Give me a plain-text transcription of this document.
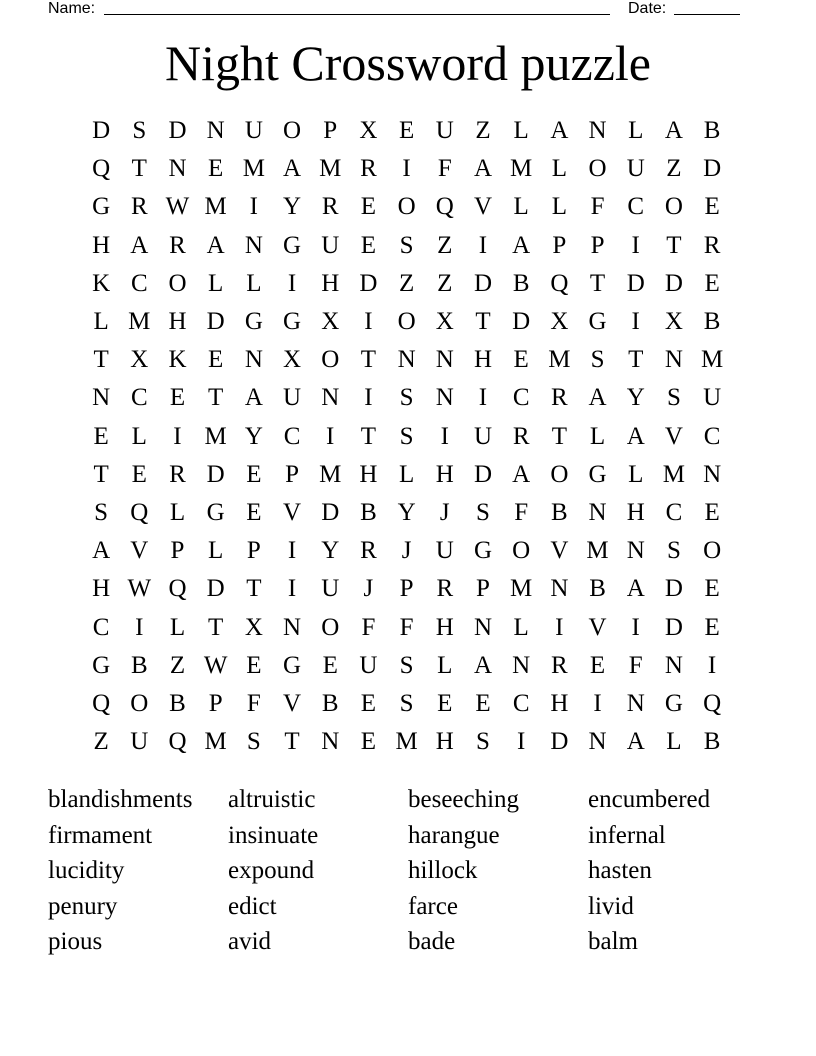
Name:	Date:
Night Crossword puzzle
D S D N U O P X E U Z L A N L A B
Q T N E M A M R	I	F A M L O U Z D
G R W M I	Y R E O Q V L L F C O E
H A R A N G U E S Z	I	A P P	I	T R
K C O L L	I	H D Z Z D B Q T D D E
L M H D G G X I	O X T D X G I	X B
T X K E N X O T N N H E M S T N M
N C E T A U N I	S N I	C R A Y S U
E L	I M Y C	I	T S	I	U R T L A V C
T E R D E P M H L H D A O G L M N
S Q L G E V D B Y J	S F B N H C E
A V P L P	I	Y R J U G O V M N S O
H W Q D T	I	U J	P R P M N B A D E
C	I	L T X N O F F H N L	I	V I	D E
G B Z W E G E U S L A N R E F N I
Q O B P F V B E S E E C H I	N G Q
Z U Q M S T N E M H S	I	D N A L B
blandishments	altruistic	beseeching	encumbered
firmament	insinuate	harangue	infernal
lucidity	expound	hillock	hasten
penury	edict	farce	livid
pious	avid	bade	balm
